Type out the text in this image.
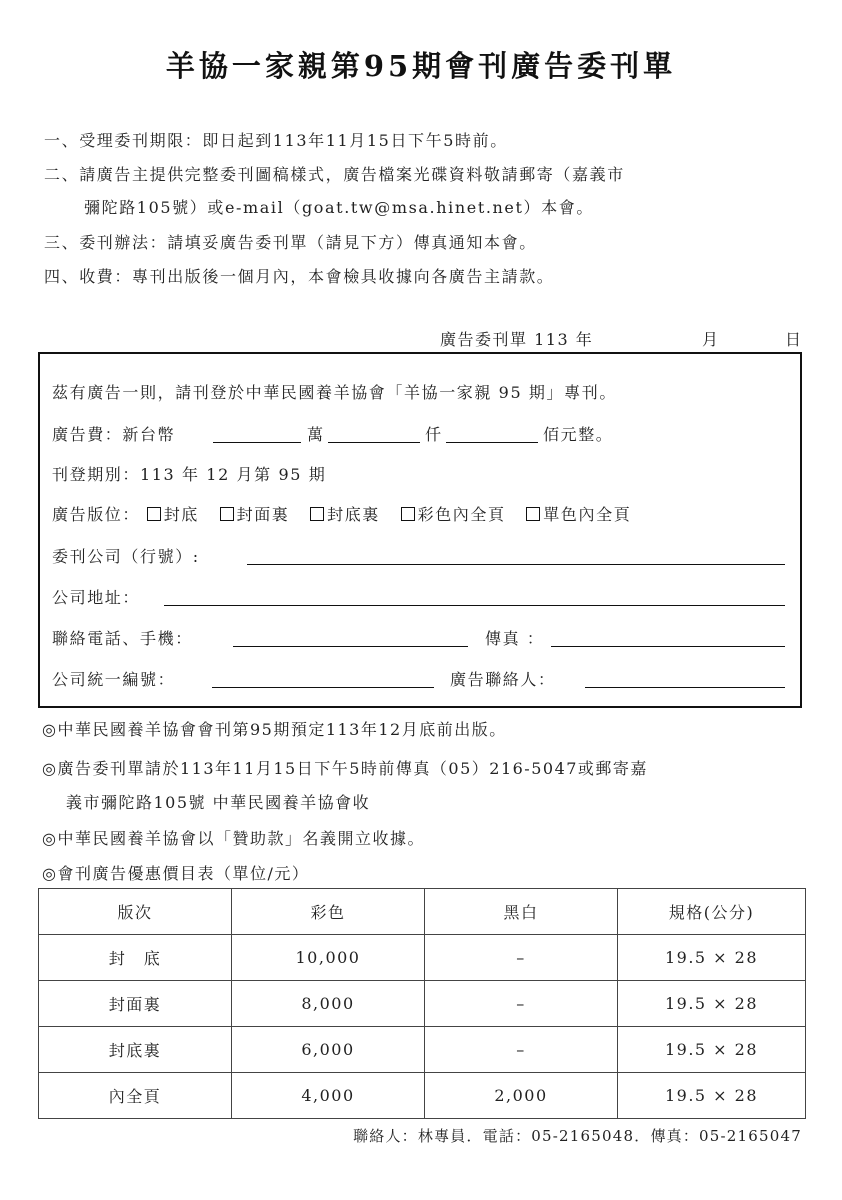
羊協一家親第95期會刊廣告委刊單
一、受理委刊期限：即日起到113年11月15日下午5時前。
二、請廣告主提供完整委刊圖稿樣式，廣告檔案光碟資料敬請郵寄（嘉義市
彌陀路105號）或e-mail（goat.tw@msa.hinet.net）本會。
三、委刊辦法：請填妥廣告委刊單（請見下方）傳真通知本會。
四、收費：專刊出版後一個月內，本會檢具收據向各廣告主請款。
廣告委刊單 113 年	月	日
茲有廣告一則，請刊登於中華民國養羊協會「羊協一家親 95 期」專刊。
廣告費：新台幣	萬	仟	佰元整。
刊登期別：113 年 12 月第 95 期
廣告版位： 封底 封面裏 封底裏 彩色內全頁 單色內全頁
委刊公司（行號）:
公司地址：
聯絡電話、手機：	傳真 ：
公司統一編號：	廣告聯絡人：
◎中華民國養羊協會會刊第95期預定113年12月底前出版。
◎廣告委刊單請於113年11月15日下午5時前傳真（05）216-5047或郵寄嘉
義市彌陀路105號 中華民國養羊協會收
◎中華民國養羊協會以「贊助款」名義開立收據。
◎會刊廣告優惠價目表（單位/元）
版次	彩色	黑白	規格(公分)
封　底	10,000	–	19.5 × 28
封面裏	8,000	–	19.5 × 28
封底裏	6,000	–	19.5 × 28
內全頁	4,000	2,000	19.5 × 28
聯絡人：林專員．電話：05-2165048．傳真：05-2165047
